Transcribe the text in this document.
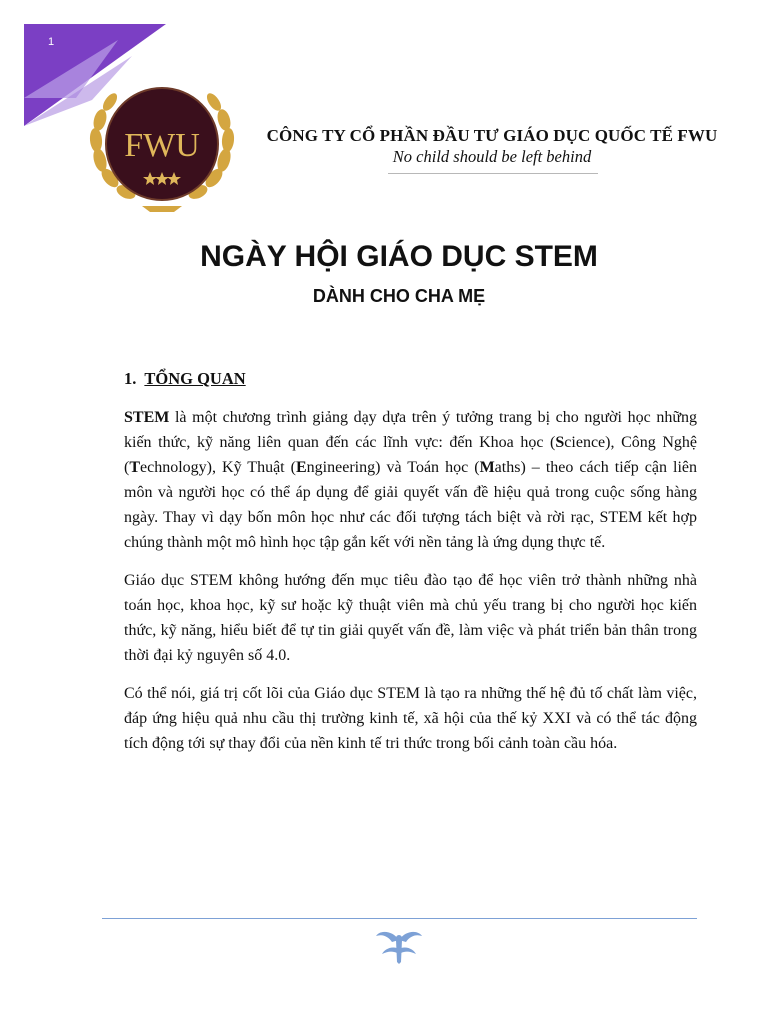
1
FWU	CÔNG TY CỔ PHẦN ĐẦU TƯ GIÁO DỤC QUỐC TẾ FWU
No child should be left behind
NGÀY HỘI GIÁO DỤC STEM
DÀNH CHO CHA MẸ
1. TỔNG QUAN

STEM là một chương trình giảng dạy dựa trên ý tưởng trang bị cho người học những kiến thức, kỹ năng liên quan đến các lĩnh vực: đến Khoa học (Science), Công Nghệ (Technology), Kỹ Thuật (Engineering) và Toán học (Maths) – theo cách tiếp cận liên môn và người học có thể áp dụng để giải quyết vấn đề hiệu quả trong cuộc sống hàng ngày. Thay vì dạy bốn môn học như các đối tượng tách biệt và rời rạc, STEM kết hợp chúng thành một mô hình học tập gắn kết với nền tảng là ứng dụng thực tế.

Giáo dục STEM không hướng đến mục tiêu đào tạo để học viên trở thành những nhà toán học, khoa học, kỹ sư hoặc kỹ thuật viên mà chủ yếu trang bị cho người học kiến thức, kỹ năng, hiểu biết để tự tin giải quyết vấn đề, làm việc và phát triển bản thân trong thời đại kỷ nguyên số 4.0.

Có thể nói, giá trị cốt lõi của Giáo dục STEM là tạo ra những thế hệ đủ tố chất làm việc, đáp ứng hiệu quả nhu cầu thị trường kinh tế, xã hội của thế kỷ XXI và có thể tác động tích động tới sự thay đổi của nền kinh tế tri thức trong bối cảnh toàn cầu hóa.
